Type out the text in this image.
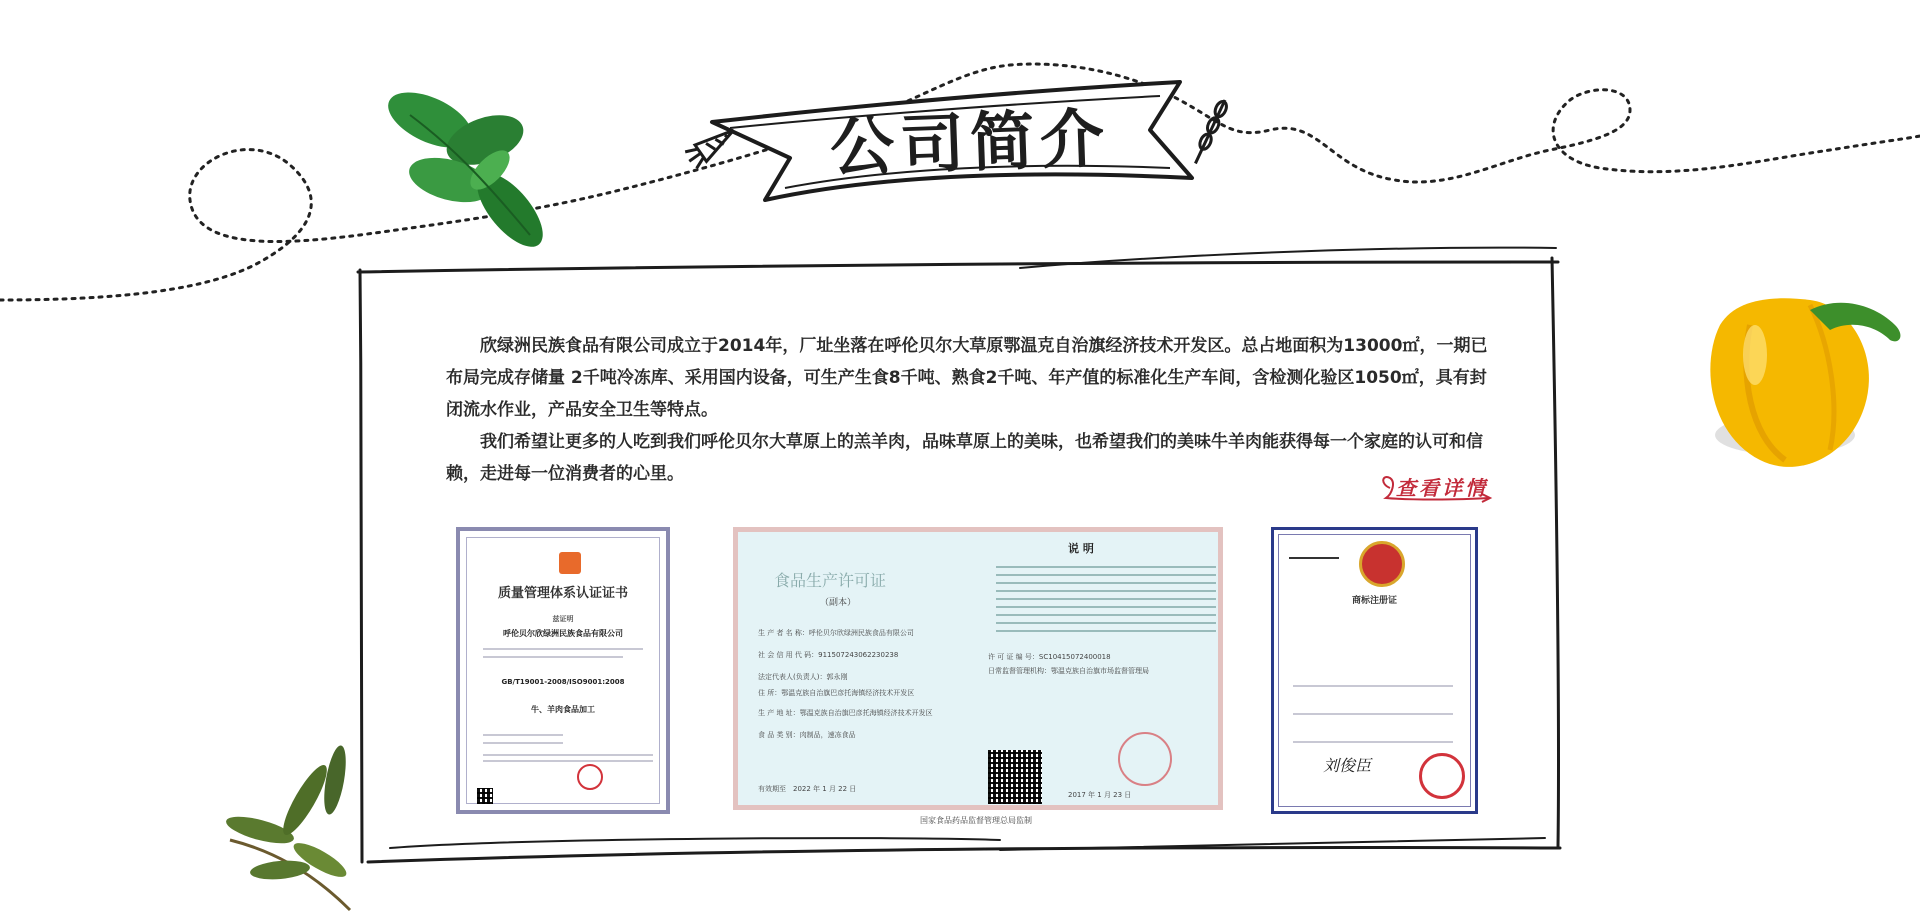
公司简介

欣绿洲民族食品有限公司成立于2014年，厂址坐落在呼伦贝尔大草原鄂温克自治旗经济技术开发区。总占地面积为13000㎡，一期已布局完成存储量 2千吨冷冻库、采用国内设备，可生产生食8千吨、熟食2千吨、年产值的标准化生产车间，含检测化验区1050㎡，具有封闭流水作业，产品安全卫生等特点。

我们希望让更多的人吃到我们呼伦贝尔大草原上的羔羊肉，品味草原上的美味，也希望我们的美味牛羊肉能获得每一个家庭的认可和信赖，走进每一位消费者的心里。

查看详情
质量管理体系认证证书
兹证明
呼伦贝尔欣绿洲民族食品有限公司
GB/T19001-2008/ISO9001:2008
牛、羊肉食品加工
食品生产许可证
（副本）
生 产 者 名 称：呼伦贝尔欣绿洲民族食品有限公司
社 会 信 用 代 码：911507243062230238
法定代表人(负责人)：郭永刚
住 所：鄂温克族自治旗巴彦托海镇经济技术开发区
生 产 地 址：鄂温克族自治旗巴彦托海镇经济技术开发区
食 品 类 别：肉制品，速冻食品
有效期至　 2022 年 1 月 22 日
说 明
许 可 证 编 号：SC10415072400018
日常监督管理机构：鄂温克族自治旗市场监督管理局
2017 年 1 月 23 日
国家食品药品监督管理总局监制
商标注册证
刘俊臣
